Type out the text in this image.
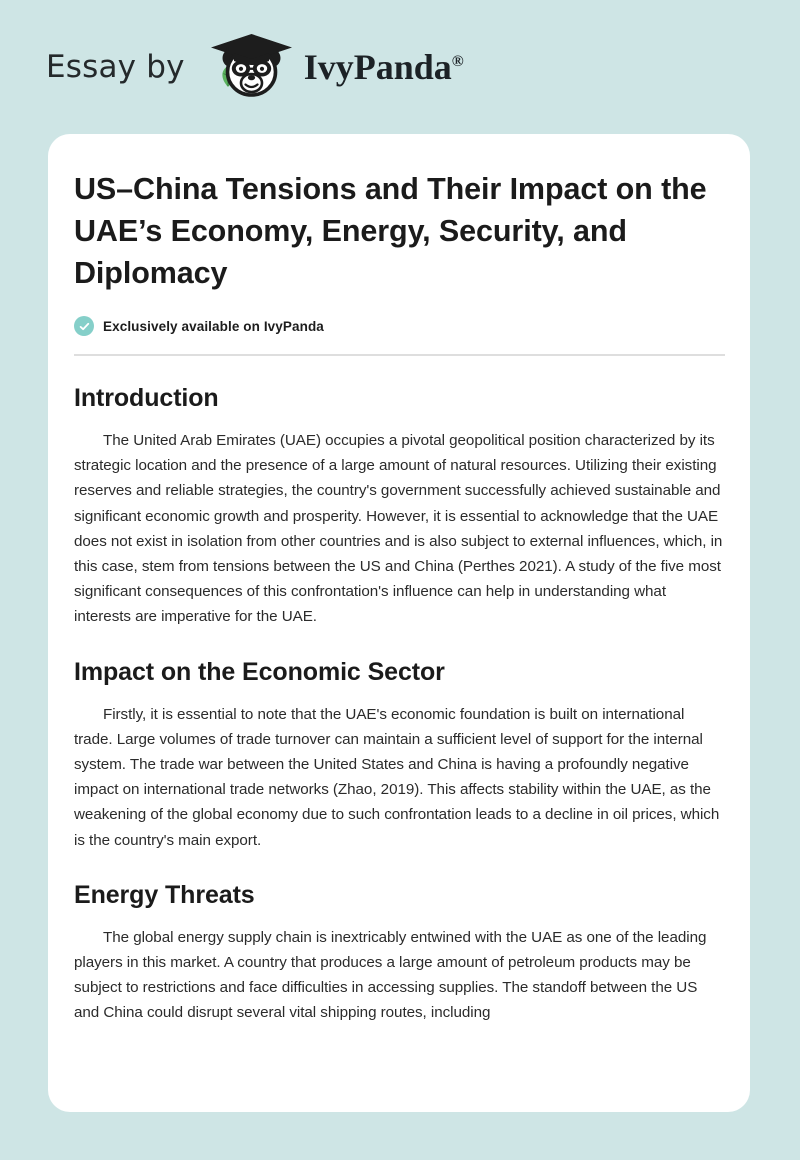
Essay by	IvyPanda®
US–China Tensions and Their Impact on the UAE’s Economy, Energy, Security, and Diplomacy
Exclusively available on IvyPanda
Introduction

The United Arab Emirates (UAE) occupies a pivotal geopolitical position characterized by its strategic location and the presence of a large amount of natural resources. Utilizing their existing reserves and reliable strategies, the country's government successfully achieved sustainable and significant economic growth and prosperity. However, it is essential to acknowledge that the UAE does not exist in isolation from other countries and is also subject to external influences, which, in this case, stem from tensions between the US and China (Perthes 2021). A study of the five most significant consequences of this confrontation's influence can help in understanding what interests are imperative for the UAE.

Impact on the Economic Sector

Firstly, it is essential to note that the UAE's economic foundation is built on international trade. Large volumes of trade turnover can maintain a sufficient level of support for the internal system. The trade war between the United States and China is having a profoundly negative impact on international trade networks (Zhao, 2019). This affects stability within the UAE, as the weakening of the global economy due to such confrontation leads to a decline in oil prices, which is the country's main export.

Energy Threats

The global energy supply chain is inextricably entwined with the UAE as one of the leading players in this market. A country that produces a large amount of petroleum products may be subject to restrictions and face difficulties in accessing supplies. The standoff between the US and China could disrupt several vital shipping routes, including
